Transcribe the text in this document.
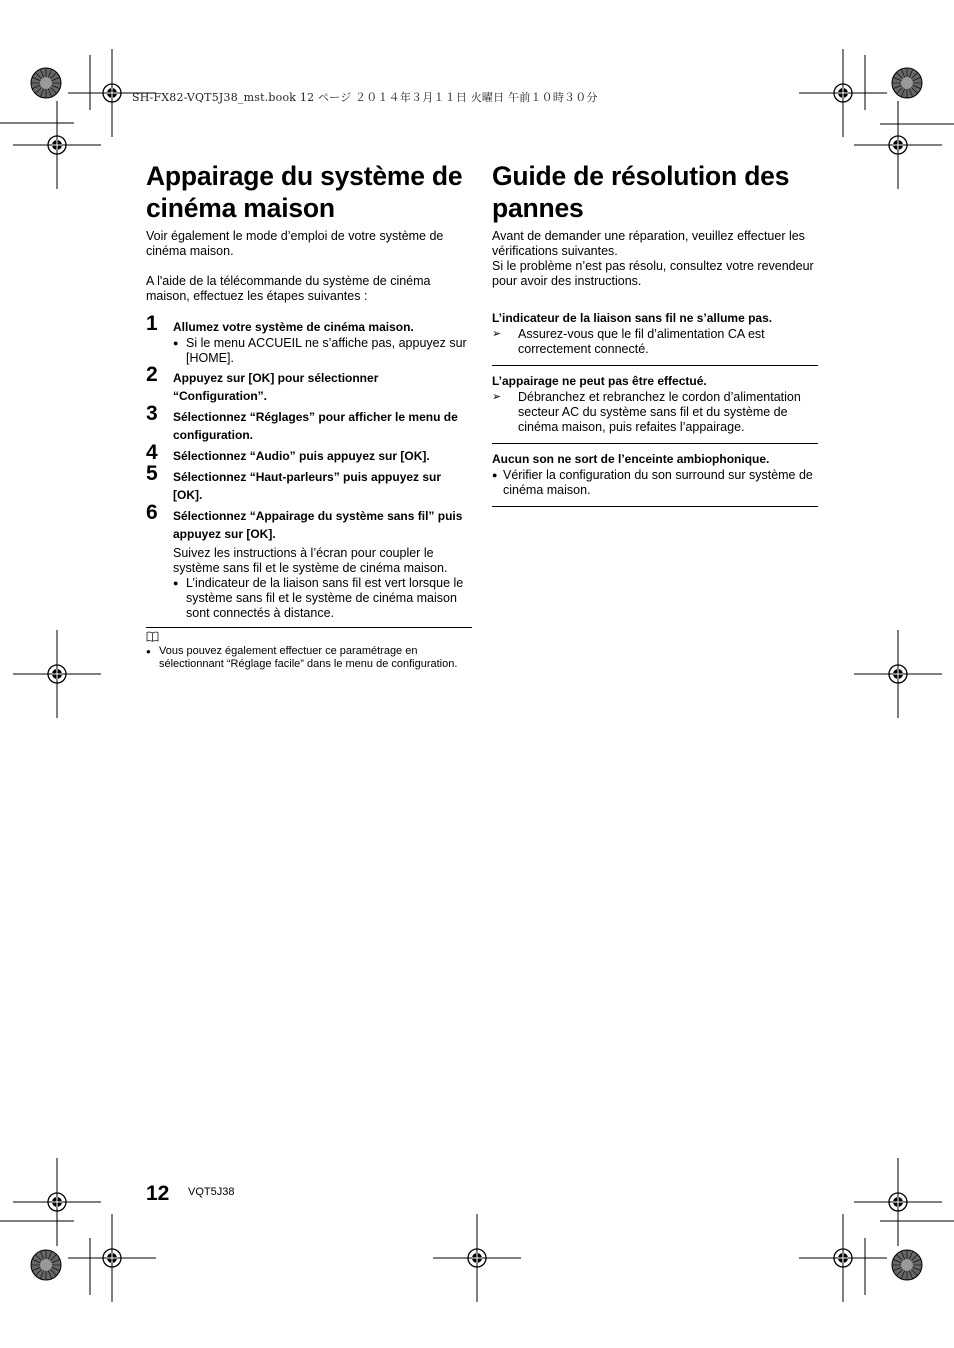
SH-FX82-VQT5J38_mst.book 12 ページ ２０１４年３月１１日 火曜日 午前１０時３０分
Appairage du système de cinéma maison

Voir également le mode d’emploi de votre système de cinéma maison.

A l'aide de la télécommande du système de cinéma maison, effectuez les étapes suivantes :

1 Allumez votre système de cinéma maison.
●
Si le menu ACCUEIL ne s’affiche pas, appuyez sur [HOME].
2 Appuyez sur [OK] pour sélectionner “Configuration”.
3 Sélectionnez “Réglages” pour afficher le menu de configuration.
4 Sélectionnez “Audio” puis appuyez sur [OK].
5 Sélectionnez “Haut-parleurs” puis appuyez sur [OK].
6 Sélectionnez “Appairage du système sans fil” puis appuyez sur [OK].

Suivez les instructions à l’écran pour coupler le système sans fil et le système de cinéma maison.

●
L’indicateur de la liaison sans fil est vert lorsque le système sans fil et le système de cinéma maison sont connectés à distance.
●
Vous pouvez également effectuer ce paramétrage en sélectionnant “Réglage facile” dans le menu de configuration.
Guide de résolution des pannes

Avant de demander une réparation, veuillez effectuer les vérifications suivantes.

Si le problème n’est pas résolu, consultez votre revendeur pour avoir des instructions.

L’indicateur de la liaison sans fil ne s’allume pas.
➢ Assurez-vous que le fil d’alimentation CA est correctement connecté.
L’appairage ne peut pas être effectué.
➢ Débranchez et rebranchez le cordon d’alimentation secteur AC du système sans fil et du système de cinéma maison, puis refaites l’appairage.
Aucun son ne sort de l’enceinte ambiophonique.
● Vérifier la configuration du son surround sur système de cinéma maison.
12 VQT5J38
